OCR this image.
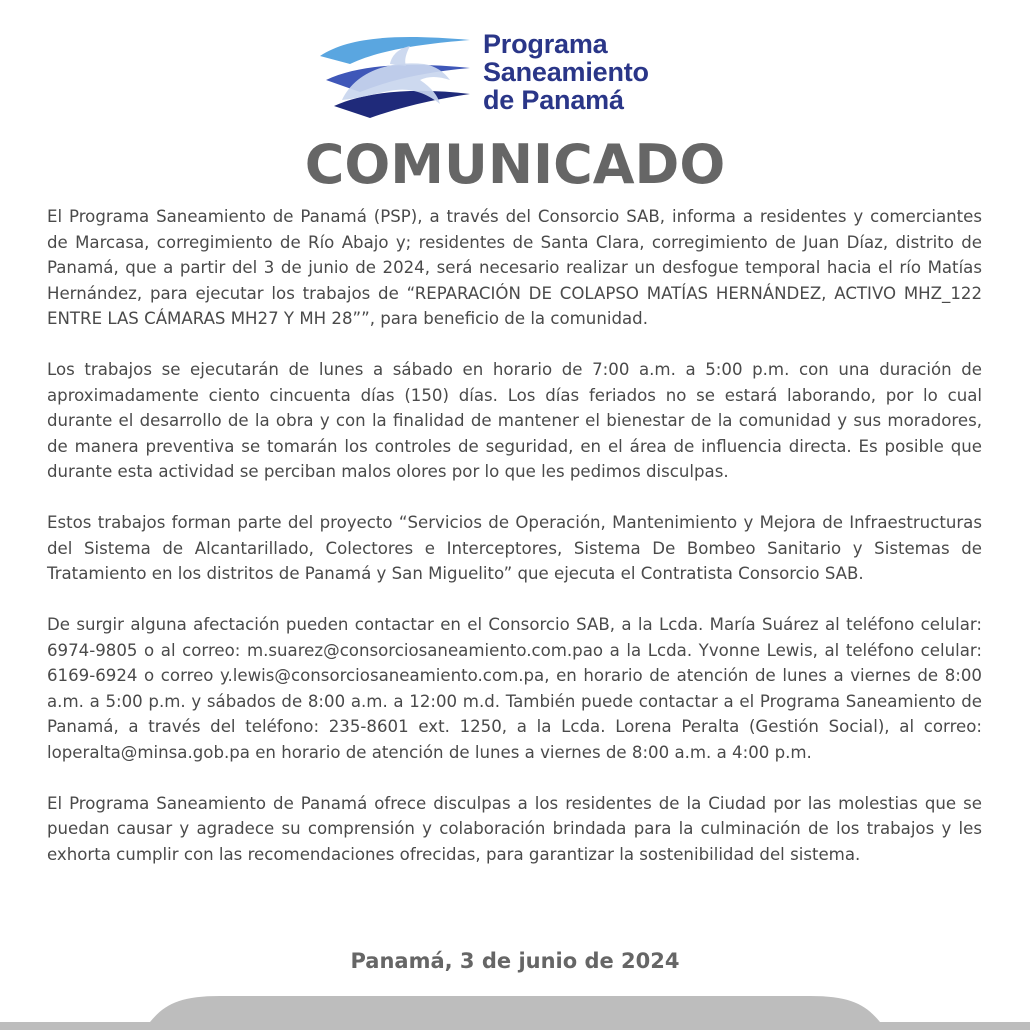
Programa
Saneamiento
de Panamá
COMUNICADO

El Programa Saneamiento de Panamá (PSP), a través del Consorcio SAB, informa a residentes y comerciantes de Marcasa, corregimiento de Río Abajo y; residentes de Santa Clara, corregimiento de Juan Díaz, distrito de Panamá, que a partir del 3 de junio de 2024, será necesario realizar un desfogue temporal hacia el río Matías Hernández, para ejecutar los trabajos de “REPARACIÓN DE COLAPSO MATÍAS HERNÁNDEZ, ACTIVO MHZ_122 ENTRE LAS CÁMARAS MH27 Y MH 28””, para beneficio de la comunidad.

Los trabajos se ejecutarán de lunes a sábado en horario de 7:00 a.m. a 5:00 p.m. con una duración de aproximadamente ciento cincuenta días (150) días. Los días feriados no se estará laborando, por lo cual durante el desarrollo de la obra y con la finalidad de mantener el bienestar de la comunidad y sus moradores, de manera preventiva se tomarán los controles de seguridad, en el área de influencia directa. Es posible que durante esta actividad se perciban malos olores por lo que les pedimos disculpas.

Estos trabajos forman parte del proyecto “Servicios de Operación, Mantenimiento y Mejora de Infraestructuras del Sistema de Alcantarillado, Colectores e Interceptores, Sistema De Bombeo Sanitario y Sistemas de Tratamiento en los distritos de Panamá y San Miguelito” que ejecuta el Contratista Consorcio SAB.

De surgir alguna afectación pueden contactar en el Consorcio SAB, a la Lcda. María Suárez al teléfono celular: 6974-9805 o al correo: m.suarez@consorciosaneamiento.com.pao a la Lcda. Yvonne Lewis, al teléfono celular: 6169-6924 o correo y.lewis@consorciosaneamiento.com.pa, en horario de atención de lunes a viernes de 8:00 a.m. a 5:00 p.m. y sábados de 8:00 a.m. a 12:00 m.d. También puede contactar a el Programa Saneamiento de Panamá, a través del teléfono: 235-8601 ext. 1250, a la Lcda. Lorena Peralta (Gestión Social), al correo: loperalta@minsa.gob.pa en horario de atención de lunes a viernes de 8:00 a.m. a 4:00 p.m.

El Programa Saneamiento de Panamá ofrece disculpas a los residentes de la Ciudad por las molestias que se puedan causar y agradece su comprensión y colaboración brindada para la culminación de los trabajos y les exhorta cumplir con las recomendaciones ofrecidas, para garantizar la sostenibilidad del sistema.

Panamá, 3 de junio de 2024
